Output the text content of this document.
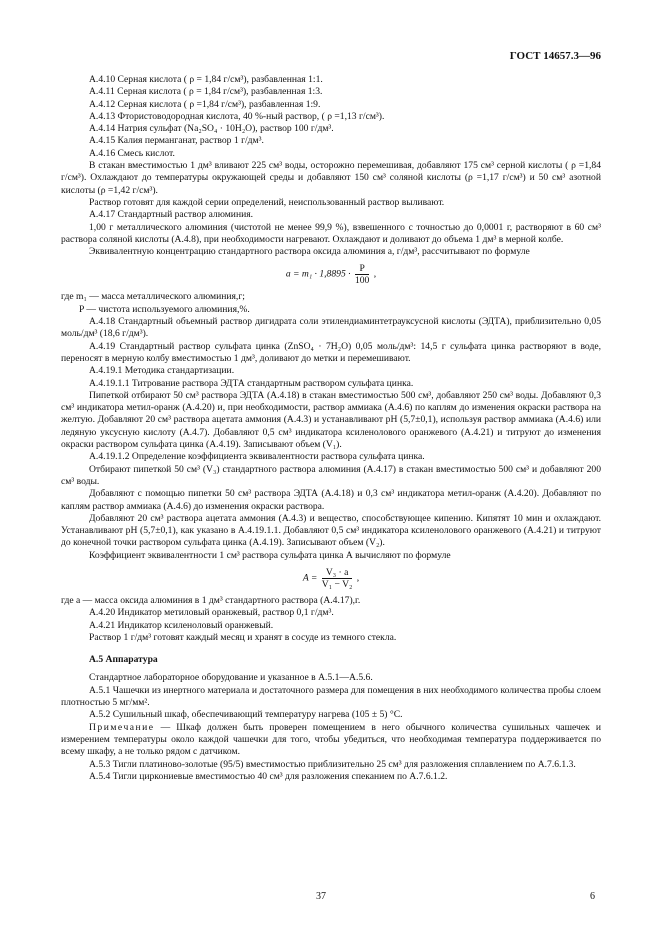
ГОСТ 14657.3—96

А.4.10 Серная кислота ( ρ = 1,84 г/см³), разбавленная 1:1.

А.4.11 Серная кислота ( ρ = 1,84 г/см³), разбавленная 1:3.

А.4.12 Серная кислота ( ρ =1,84 г/см³), разбавленная 1:9.

А.4.13 Фтористоводородная кислота, 40 %-ный раствор, ( ρ =1,13 г/см³).

А.4.14 Натрия сульфат (Na₂SO₄ · 10H₂O), раствор 100 г/дм³.

А.4.15 Калия перманганат, раствор 1 г/дм³.

А.4.16 Смесь кислот.

В стакан вместимостью 1 дм³ вливают 225 см³ воды, осторожно перемешивая, добавляют 175 см³ серной кислоты ( ρ =1,84 г/см³). Охлаждают до температуры окружающей среды и добавляют 150 см³ соляной кислоты (ρ =1,17 г/см³) и 50 см³ азотной кислоты (ρ =1,42 г/см³).

Раствор готовят для каждой серии определений, неиспользованный раствор выливают.

А.4.17 Стандартный раствор алюминия.

1,00 г металлического алюминия (чистотой не менее 99,9 %), взвешенного с точностью до 0,0001 г, растворяют в 60 см³ раствора соляной кислоты (А.4.8), при необходимости нагревают. Охлаждают и доливают до объема 1 дм³ в мерной колбе.

Эквивалентную концентрацию стандартного раствора оксида алюминия а, г/дм³, рассчитывают по формуле

$a = m_1 \cdot 1,8895 \cdot \frac{P}{100}$ ,

где m₁ — масса металлического алюминия,г;

P — чистота используемого алюминия,%.

А.4.18 Стандартный объемный раствор дигидрата соли этилендиаминтетрауксусной кислоты (ЭДТА), приблизительно 0,05 моль/дм³ (18,6 г/дм³).

А.4.19 Стандартный раствор сульфата цинка (ZnSO₄ · 7H₂O) 0,05 моль/дм³: 14,5 г сульфата цинка растворяют в воде, переносят в мерную колбу вместимостью 1 дм³, доливают до метки и перемешивают.

А.4.19.1 Методика стандартизации.

А.4.19.1.1 Титрование раствора ЭДТА стандартным раствором сульфата цинка.

Пипеткой отбирают 50 см³ раствора ЭДТА (А.4.18) в стакан вместимостью 500 см³, добавляют 250 см³ воды. Добавляют 0,3 см³ индикатора метил-оранж (А.4.20) и, при необходимости, раствор аммиака (А.4.6) по каплям до изменения окраски раствора на желтую. Добавляют 20 см³ раствора ацетата аммония (А.4.3) и устанавливают pH (5,7±0,1), используя раствор аммиака (А.4.6) или ледяную уксусную кислоту (А.4.7). Добавляют 0,5 см³ индикатора ксиленолового оранжевого (А.4.21) и титруют до изменения окраски раствором сульфата цинка (А.4.19). Записывают объем (V₁).

А.4.19.1.2 Определение коэффициента эквивалентности раствора сульфата цинка.

Отбирают пипеткой 50 см³ (V₃) стандартного раствора алюминия (А.4.17) в стакан вместимостью 500 см³ и добавляют 200 см³ воды.

Добавляют с помощью пипетки 50 см³ раствора ЭДТА (А.4.18) и 0,3 см³ индикатора метил-оранж (А.4.20). Добавляют по каплям раствор аммиака (А.4.6) до изменения окраски раствора.

Добавляют 20 см³ раствора ацетата аммония (А.4.3) и вещество, способствующее кипению. Кипятят 10 мин и охлаждают. Устанавливают pH (5,7±0,1), как указано в А.4.19.1.1. Добавляют 0,5 см³ индикатора ксиленолового оранжевого (А.4.21) и титруют до конечной точки раствором сульфата цинка (А.4.19). Записывают объем (V₂).

Коэффициент эквивалентности 1 см³ раствора сульфата цинка А вычисляют по формуле

$A = \frac{\text{V₃ · a}}{\text{V₁ − V₂}}$ ,

где а — масса оксида алюминия в 1 дм³ стандартного раствора (А.4.17),г.

А.4.20 Индикатор метиловый оранжевый, раствор 0,1 г/дм³.

А.4.21 Индикатор ксиленоловый оранжевый.

Раствор 1 г/дм³ готовят каждый месяц и хранят в сосуде из темного стекла.

А.5 Аппаратура

Стандартное лабораторное оборудование и указанное в А.5.1—А.5.6.

А.5.1 Чашечки из инертного материала и достаточного размера для помещения в них необходимого количества пробы слоем плотностью 5 мг/мм².

А.5.2 Сушильный шкаф, обеспечивающий температуру нагрева (105 ± 5) °С.

Примечание — Шкаф должен быть проверен помещением в него обычного количества сушильных чашечек и измерением температуры около каждой чашечки для того, чтобы убедиться, что необходимая температура поддерживается по всему шкафу, а не только рядом с датчиком.

А.5.3 Тигли платиново-золотые (95/5) вместимостью приблизительно 25 см³ для разложения сплавлением по А.7.6.1.3.

А.5.4 Тигли циркониевые вместимостью 40 см³ для разложения спеканием по А.7.6.1.2.

37	6
